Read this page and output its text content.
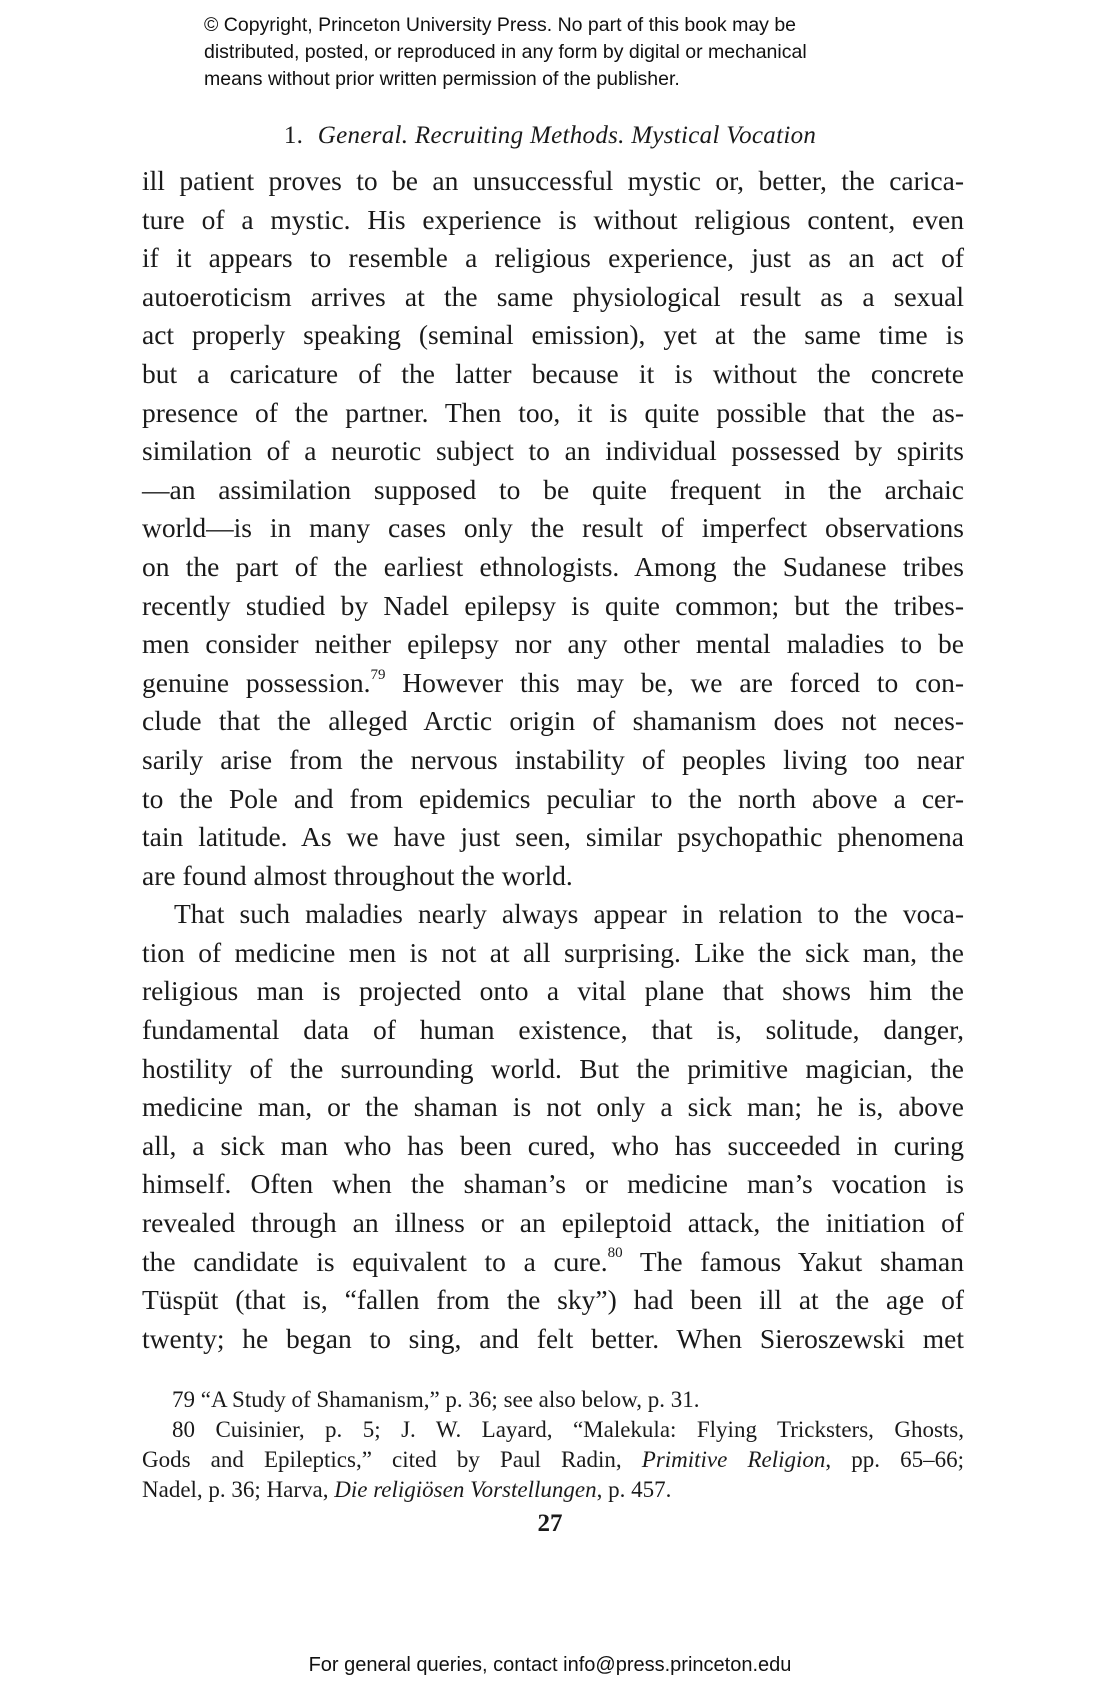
© Copyright, Princeton University Press. No part of this book may be
distributed, posted, or reproduced in any form by digital or mechanical
means without prior written permission of the publisher.
1. General. Recruiting Methods. Mystical Vocation
ill patient proves to be an unsuccessful mystic or, better, the carica-
ture of a mystic. His experience is without religious content, even
if it appears to resemble a religious experience, just as an act of
autoeroticism arrives at the same physiological result as a sexual
act properly speaking (seminal emission), yet at the same time is
but a caricature of the latter because it is without the concrete
presence of the partner. Then too, it is quite possible that the as-
similation of a neurotic subject to an individual possessed by spirits
—an assimilation supposed to be quite frequent in the archaic
world—is in many cases only the result of imperfect observations
on the part of the earliest ethnologists. Among the Sudanese tribes
recently studied by Nadel epilepsy is quite common; but the tribes-
men consider neither epilepsy nor any other mental maladies to be
genuine possession.$^{79}$ However this may be, we are forced to con-
clude that the alleged Arctic origin of shamanism does not neces-
sarily arise from the nervous instability of peoples living too near
to the Pole and from epidemics peculiar to the north above a cer-
tain latitude. As we have just seen, similar psychopathic phenomena
are found almost throughout the world.
That such maladies nearly always appear in relation to the voca-
tion of medicine men is not at all surprising. Like the sick man, the
religious man is projected onto a vital plane that shows him the
fundamental data of human existence, that is, solitude, danger,
hostility of the surrounding world. But the primitive magician, the
medicine man, or the shaman is not only a sick man; he is, above
all, a sick man who has been cured, who has succeeded in curing
himself. Often when the shaman’s or medicine man’s vocation is
revealed through an illness or an epileptoid attack, the initiation of
the candidate is equivalent to a cure.$^{80}$ The famous Yakut shaman
Tüspüt (that is, “fallen from the sky”) had been ill at the age of
twenty; he began to sing, and felt better. When Sieroszewski met
79 “A Study of Shamanism,” p. 36; see also below, p. 31.
80 Cuisinier, p. 5; J. W. Layard, “Malekula: Flying Tricksters, Ghosts,
Gods and Epileptics,” cited by Paul Radin, Primitive Religion, pp. 65–66;
Nadel, p. 36; Harva, Die religiösen Vorstellungen, p. 457.
27
For general queries, contact info@press.princeton.edu
